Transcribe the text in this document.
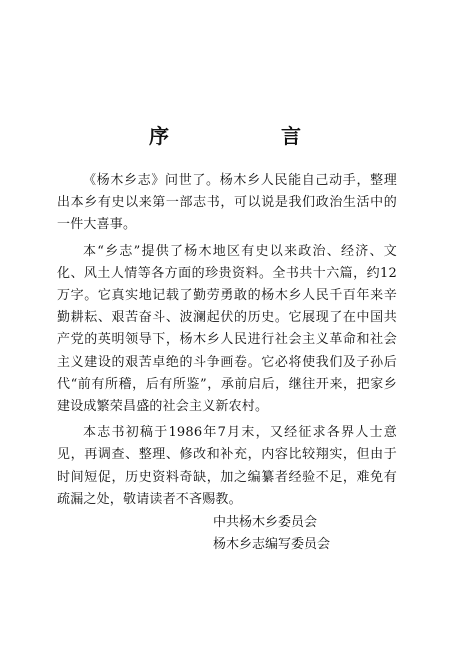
序　言

《杨木乡志》问世了。杨木乡人民能自己动手，整理出本乡有史以来第一部志书，可以说是我们政治生活中的一件大喜事。

本“乡志”提供了杨木地区有史以来政治、经济、文化、风土人情等各方面的珍贵资料。全书共十六篇，约12万字。它真实地记载了勤劳勇敢的杨木乡人民千百年来辛勤耕耘、艰苦奋斗、波澜起伏的历史。它展现了在中国共产党的英明领导下，杨木乡人民进行社会主义革命和社会主义建设的艰苦卓绝的斗争画卷。它必将使我们及子孙后代“前有所稽，后有所鉴”，承前启后，继往开来，把家乡建设成繁荣昌盛的社会主义新农村。

本志书初稿于1986年7月末，又经征求各界人士意见，再调查、整理、修改和补充，内容比较翔实，但由于时间短促，历史资料奇缺，加之编纂者经验不足，难免有疏漏之处，敬请读者不吝赐教。

中共杨木乡委员会
杨木乡志编写委员会
